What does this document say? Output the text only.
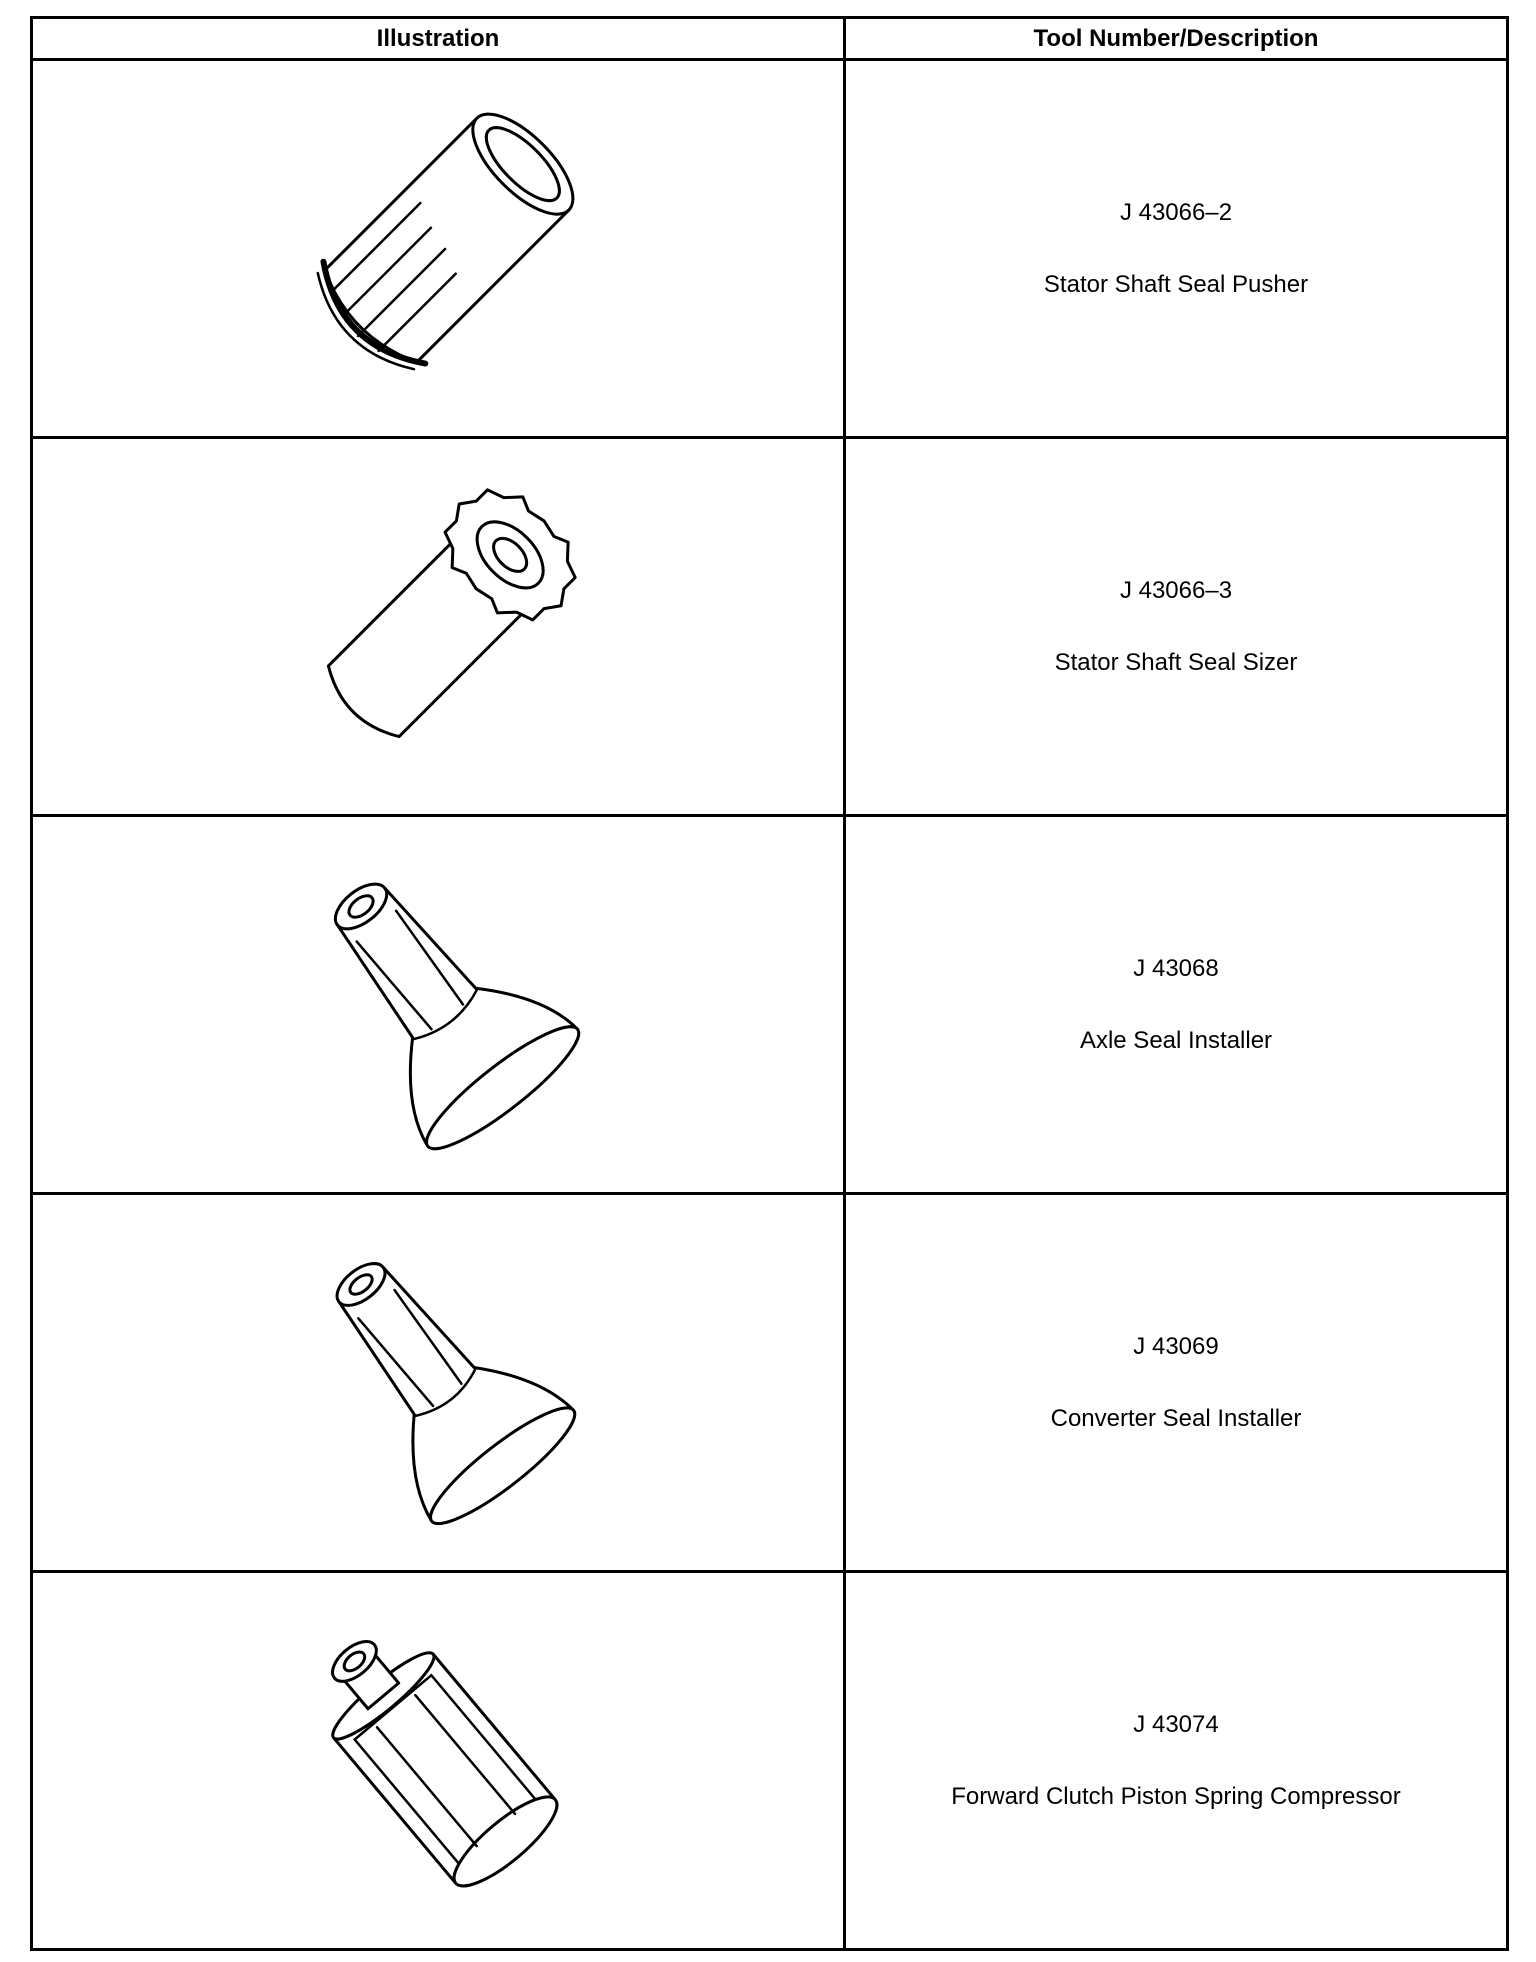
Illustration	Tool Number/Description

J 43066–2
Stator Shaft Seal Pusher

J 43066–3
Stator Shaft Seal Sizer

J 43068
Axle Seal Installer

J 43069
Converter Seal Installer

J 43074
Forward Clutch Piston Spring Compressor
